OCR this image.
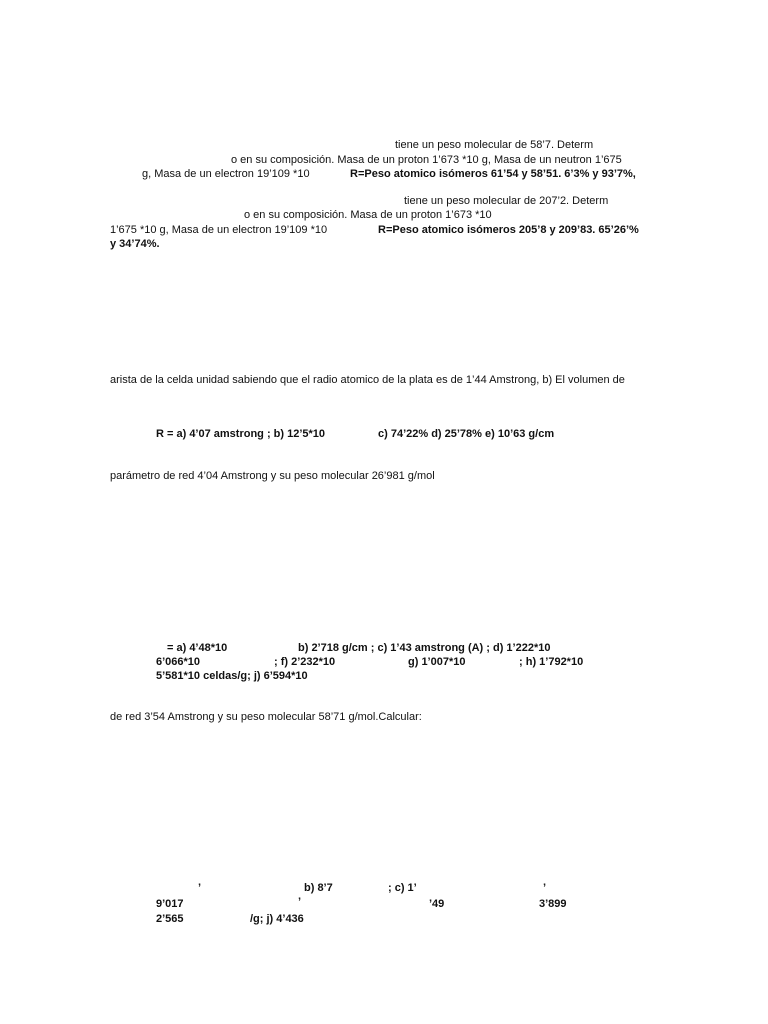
tiene un peso molecular de 58’7. Determ
o en su composición. Masa de un proton 1’673 *10 g, Masa de un neutron 1’675
g, Masa de un electron 19’109 *10	R=Peso atomico isómeros 61’54 y 58’51. 6’3% y 93’7%,
tiene un peso molecular de 207’2. Determ
o en su composición. Masa de un proton 1’673 *10
1’675 *10 g, Masa de un electron 19’109 *10	R=Peso atomico isómeros 205’8 y 209’83. 65’26’%
y 34’74%.
arista de la celda unidad sabiendo que el radio atomico de la plata es de 1’44 Amstrong, b) El volumen de
R = a) 4’07 amstrong ; b) 12’5*10	c) 74’22% d) 25’78% e) 10’63 g/cm
parámetro de red 4’04 Amstrong y su peso molecular 26’981 g/mol
= a) 4’48*10	b) 2’718 g/cm ; c) 1’43 amstrong (A) ; d) 1’222*10
6’066*10	; f) 2’232*10	g) 1’007*10	; h) 1’792*10
5’581*10 celdas/g; j) 6’594*10
de red 3’54 Amstrong y su peso molecular 58’71 g/mol.Calcular:
’	b) 8’7	; c) 1’	’
9’017	’	’49	3’899
2’565	/g; j) 4’436
